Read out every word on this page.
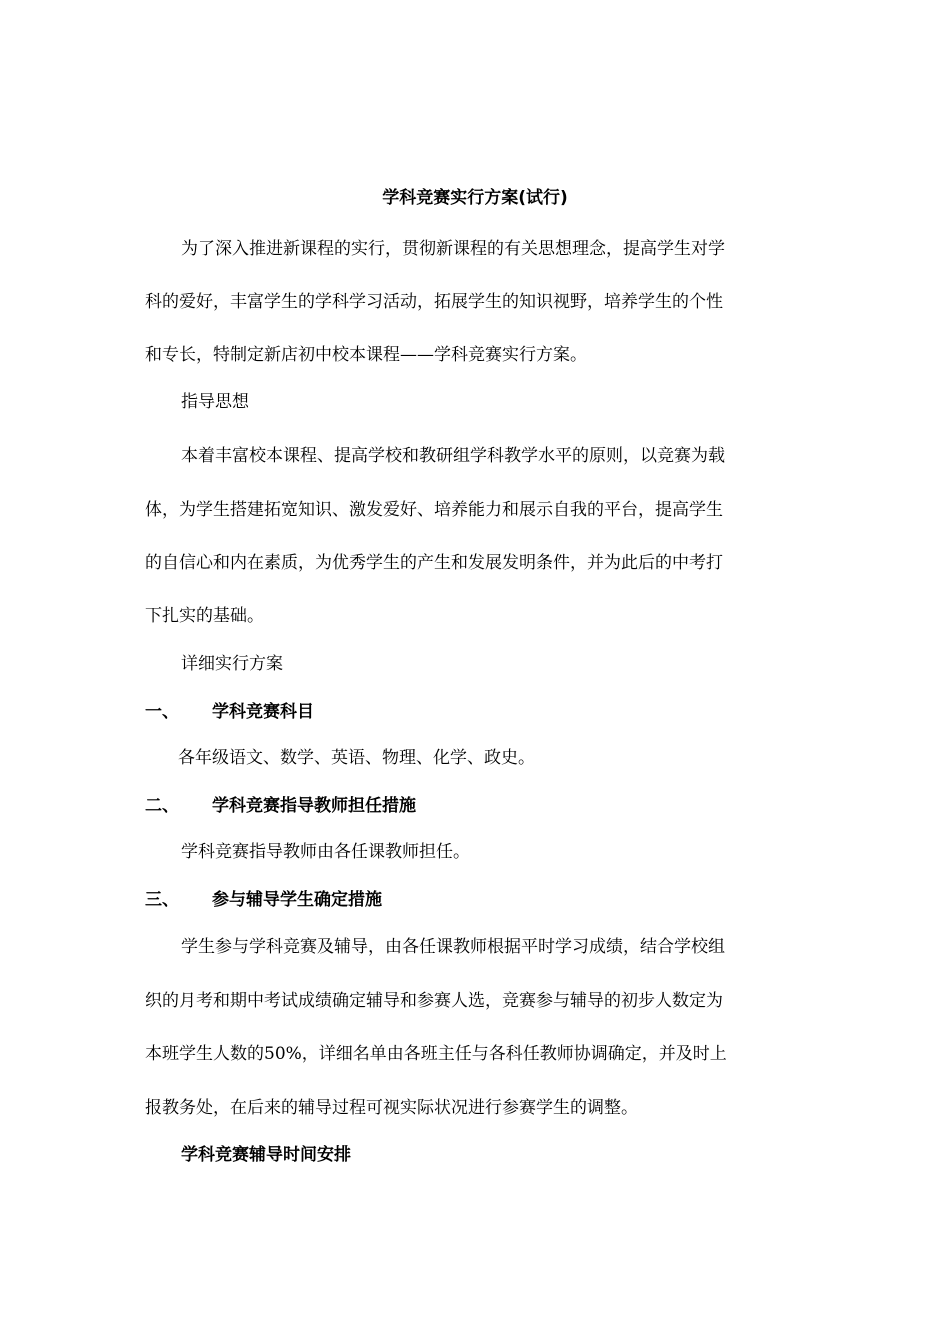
学科竞赛实行方案(试行)
为了深入推进新课程的实行，贯彻新课程的有关思想理念，提高学生对学
科的爱好，丰富学生的学科学习活动，拓展学生的知识视野，培养学生的个性
和专长，特制定新店初中校本课程——学科竞赛实行方案。
指导思想
本着丰富校本课程、提高学校和教研组学科教学水平的原则，以竞赛为载
体，为学生搭建拓宽知识、激发爱好、培养能力和展示自我的平台，提高学生
的自信心和内在素质，为优秀学生的产生和发展发明条件，并为此后的中考打
下扎实的基础。
详细实行方案
一、 学科竞赛科目
各年级语文、数学、英语、物理、化学、政史。
二、 学科竞赛指导教师担任措施
学科竞赛指导教师由各任课教师担任。
三、 参与辅导学生确定措施
学生参与学科竞赛及辅导，由各任课教师根据平时学习成绩，结合学校组
织的月考和期中考试成绩确定辅导和参赛人选，竞赛参与辅导的初步人数定为
本班学生人数的50%，详细名单由各班主任与各科任教师协调确定，并及时上
报教务处，在后来的辅导过程可视实际状况进行参赛学生的调整。
学科竞赛辅导时间安排
